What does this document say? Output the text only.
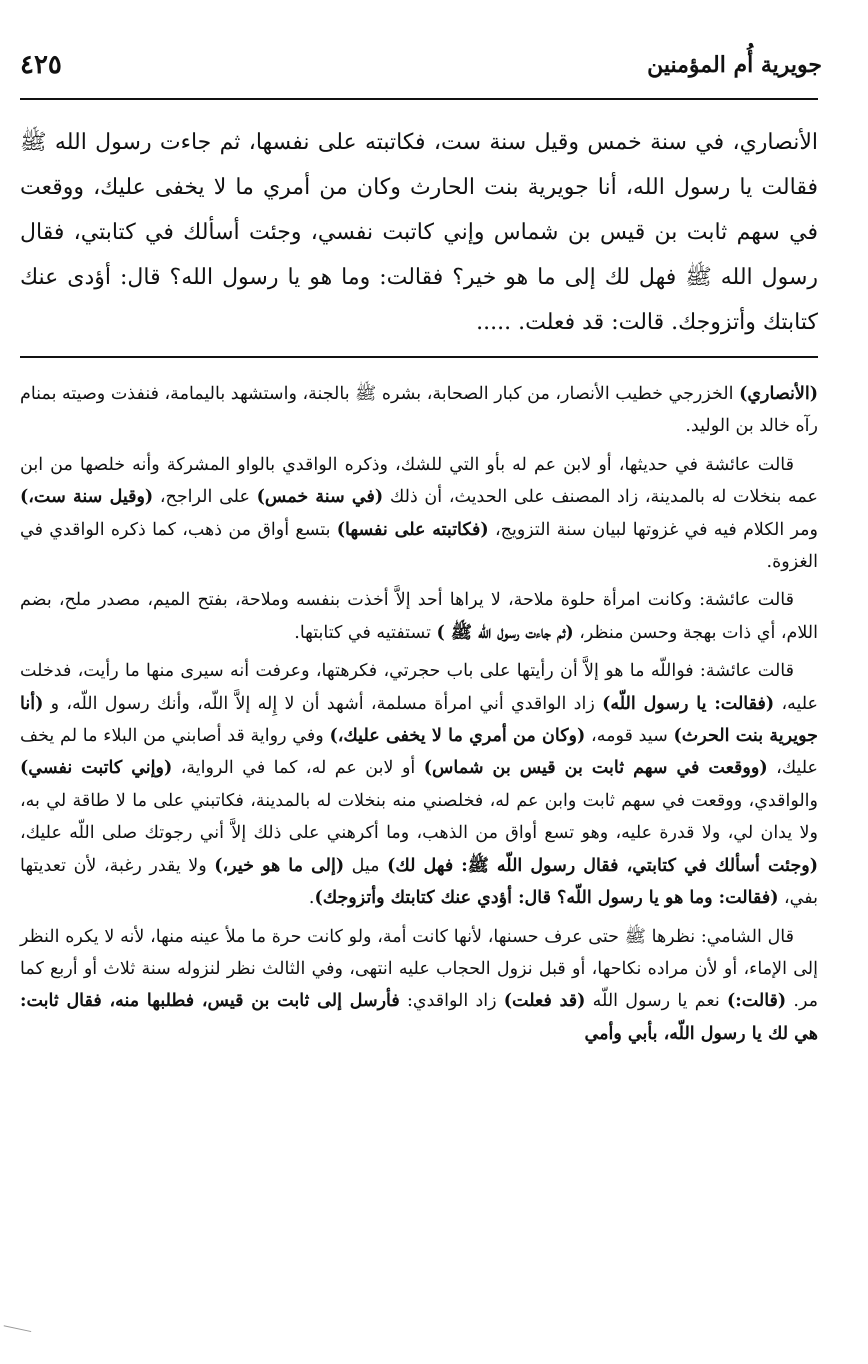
جويرية أُم المؤمنين
٤٢٥
الأنصاري، في سنة خمس وقيل سنة ست، فكاتبته على نفسها، ثم جاءت رسول الله ﷺ فقالت يا رسول الله، أنا جويرية بنت الحارث وكان من أمري ما لا يخفى عليك، ووقعت في سهم ثابت بن قيس بن شماس وإني كاتبت نفسي، وجئت أسألك في كتابتي، فقال رسول الله ﷺ فهل لك إلى ما هو خير؟ فقالت: وما هو يا رسول الله؟ قال: أؤدى عنك كتابتك وأتزوجك. قالت: قد فعلت. .....

(الأنصاري) الخزرجي خطيب الأنصار، من كبار الصحابة، بشره ﷺ بالجنة، واستشهد باليمامة، فنفذت وصيته بمنام رآه خالد بن الوليد.

قالت عائشة في حديثها، أو لابن عم له بأو التي للشك، وذكره الواقدي بالواو المشركة وأنه خلصها من ابن عمه بنخلات له بالمدينة، زاد المصنف على الحديث، أن ذلك (في سنة خمس) على الراجح، (وقيل سنة ست،) ومر الكلام فيه في غزوتها لبيان سنة التزويج، (فكاتبته على نفسها) بتسع أواق من ذهب، كما ذكره الواقدي في الغزوة.

قالت عائشة: وكانت امرأة حلوة ملاحة، لا يراها أحد إلاَّ أخذت بنفسه وملاحة، بفتح الميم، مصدر ملح، بضم اللام، أي ذات بهجة وحسن منظر، (ثم جاءت رسول اللّه ﷺ ) تستفتيه في كتابتها.

قالت عائشة: فواللّه ما هو إلاَّ أن رأيتها على باب حجرتي، فكرهتها، وعرفت أنه سيرى منها ما رأيت، فدخلت عليه، (فقالت: يا رسول اللّه) زاد الواقدي أني امرأة مسلمة، أشهد أن لا إِله إلاَّ اللّه، وأنك رسول اللّه، و (أنا جويرية بنت الحرث) سيد قومه، (وكان من أمري ما لا يخفى عليك،) وفي رواية قد أصابني من البلاء ما لم يخف عليك، (ووقعت في سهم ثابت بن قيس بن شماس) أو لابن عم له، كما في الرواية، (وإني كاتبت نفسي) والواقدي، ووقعت في سهم ثابت وابن عم له، فخلصني منه بنخلات له بالمدينة، فكاتبني على ما لا طاقة لي به، ولا يدان لي، ولا قدرة عليه، وهو تسع أواق من الذهب، وما أكرهني على ذلك إلاَّ أني رجوتك صلى اللّه عليك، (وجئت أسألك في كتابتي، فقال رسول اللّه ﷺ: فهل لك) ميل (إلى ما هو خير،) ولا يقدر رغبة، لأن تعديتها بفي، (فقالت: وما هو يا رسول اللّه؟ قال: أؤدي عنك كتابتك وأتزوجك).

قال الشامي: نظرها ﷺ حتى عرف حسنها، لأنها كانت أمة، ولو كانت حرة ما ملأ عينه منها، لأنه لا يكره النظر إلى الإماء، أو لأن مراده نكاحها، أو قبل نزول الحجاب عليه انتهى، وفي الثالث نظر لنزوله سنة ثلاث أو أربع كما مر. (قالت:) نعم يا رسول اللّه (قد فعلت) زاد الواقدي: فأرسل إلى ثابت بن قيس، فطلبها منه، فقال ثابت: هي لك يا رسول اللّه، بأبي وأمي
